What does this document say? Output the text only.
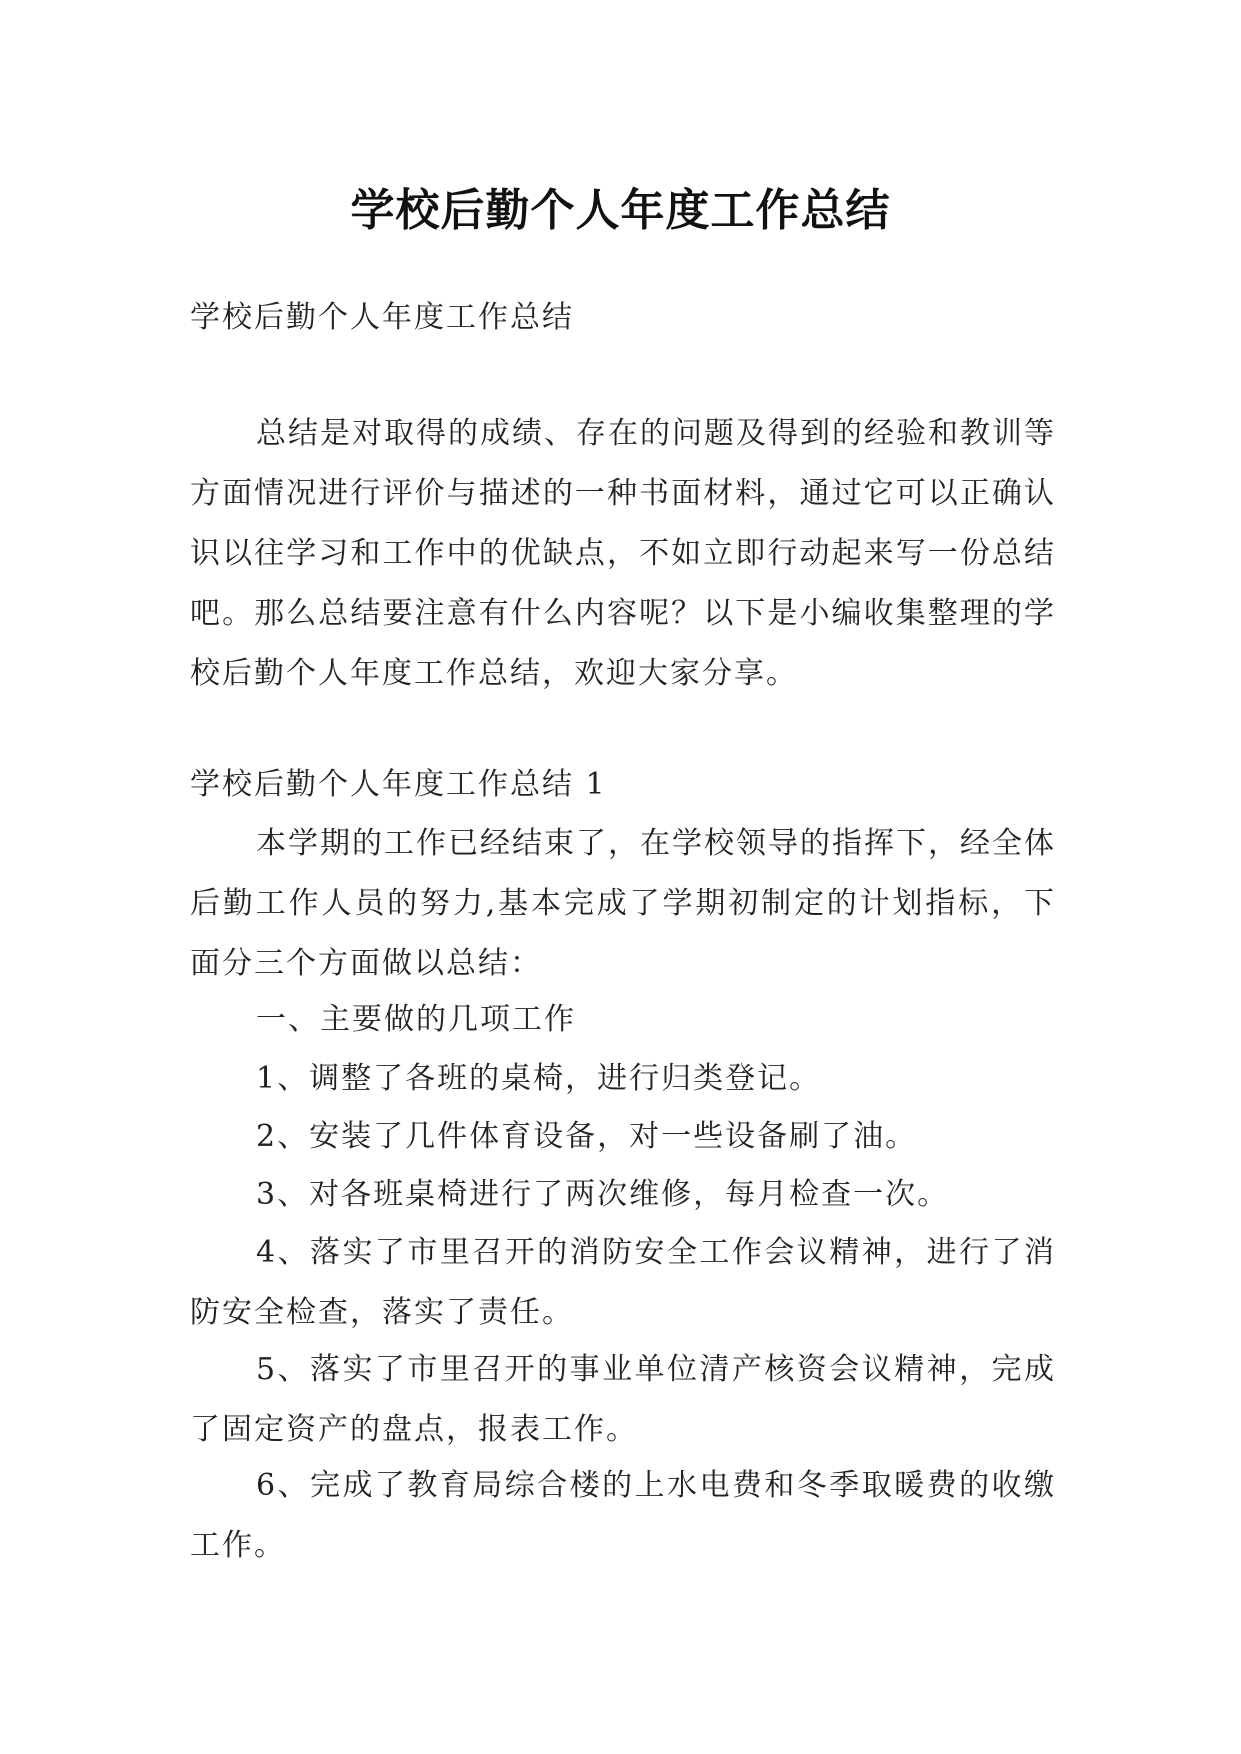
学校后勤个人年度工作总结

学校后勤个人年度工作总结

总结是对取得的成绩、存在的问题及得到的经验和教训等方面情况进行评价与描述的一种书面材料，通过它可以正确认识以往学习和工作中的优缺点，不如立即行动起来写一份总结吧。那么总结要注意有什么内容呢？以下是小编收集整理的学校后勤个人年度工作总结，欢迎大家分享。

学校后勤个人年度工作总结 1

本学期的工作已经结束了，在学校领导的指挥下，经全体后勤工作人员的努力,基本完成了学期初制定的计划指标，下面分三个方面做以总结：

一、主要做的几项工作

1、调整了各班的桌椅，进行归类登记。

2、安装了几件体育设备，对一些设备刷了油。

3、对各班桌椅进行了两次维修，每月检查一次。

4、落实了市里召开的消防安全工作会议精神，进行了消防安全检查，落实了责任。

5、落实了市里召开的事业单位清产核资会议精神，完成了固定资产的盘点，报表工作。

6、完成了教育局综合楼的上水电费和冬季取暖费的收缴工作。
